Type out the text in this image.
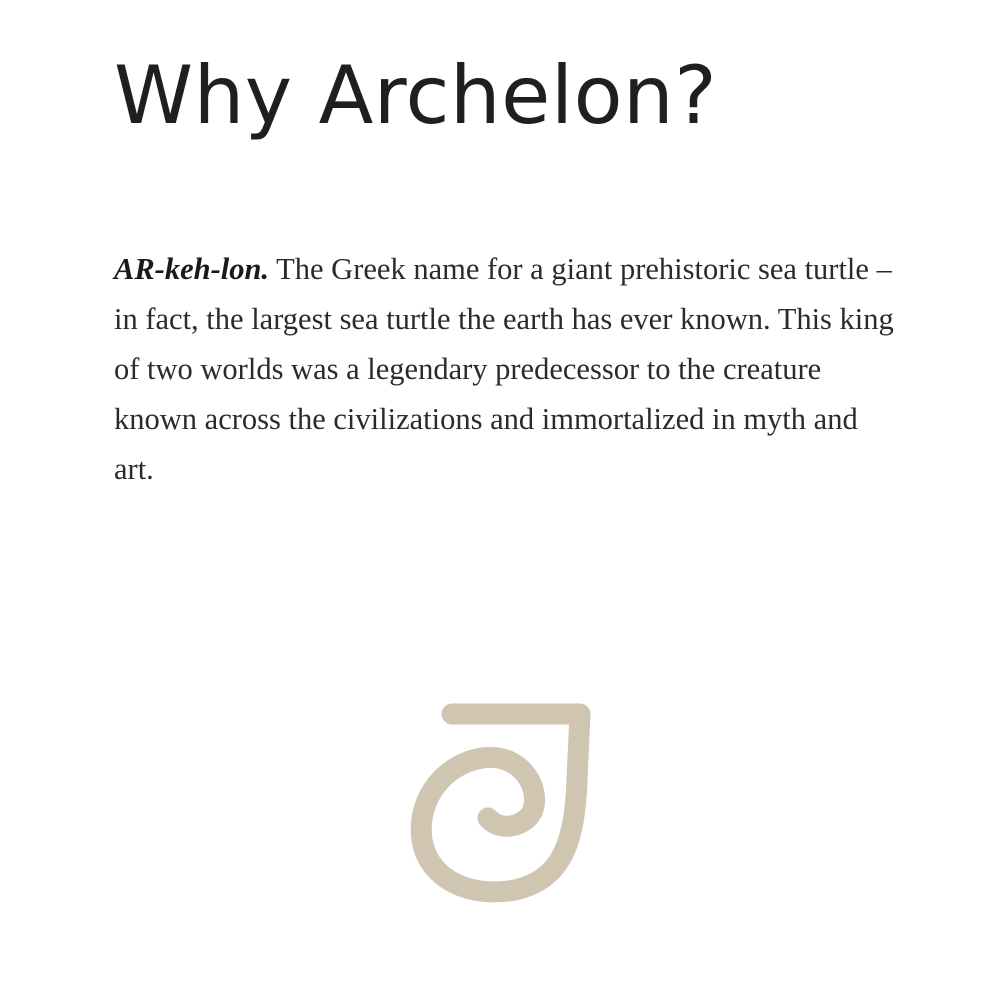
Why Archelon?

AR-keh-lon. The Greek name for a giant prehistoric sea turtle – in fact, the largest sea turtle the earth has ever known. This king of two worlds was a legendary predecessor to the creature known across the civilizations and immortalized in myth and art.
